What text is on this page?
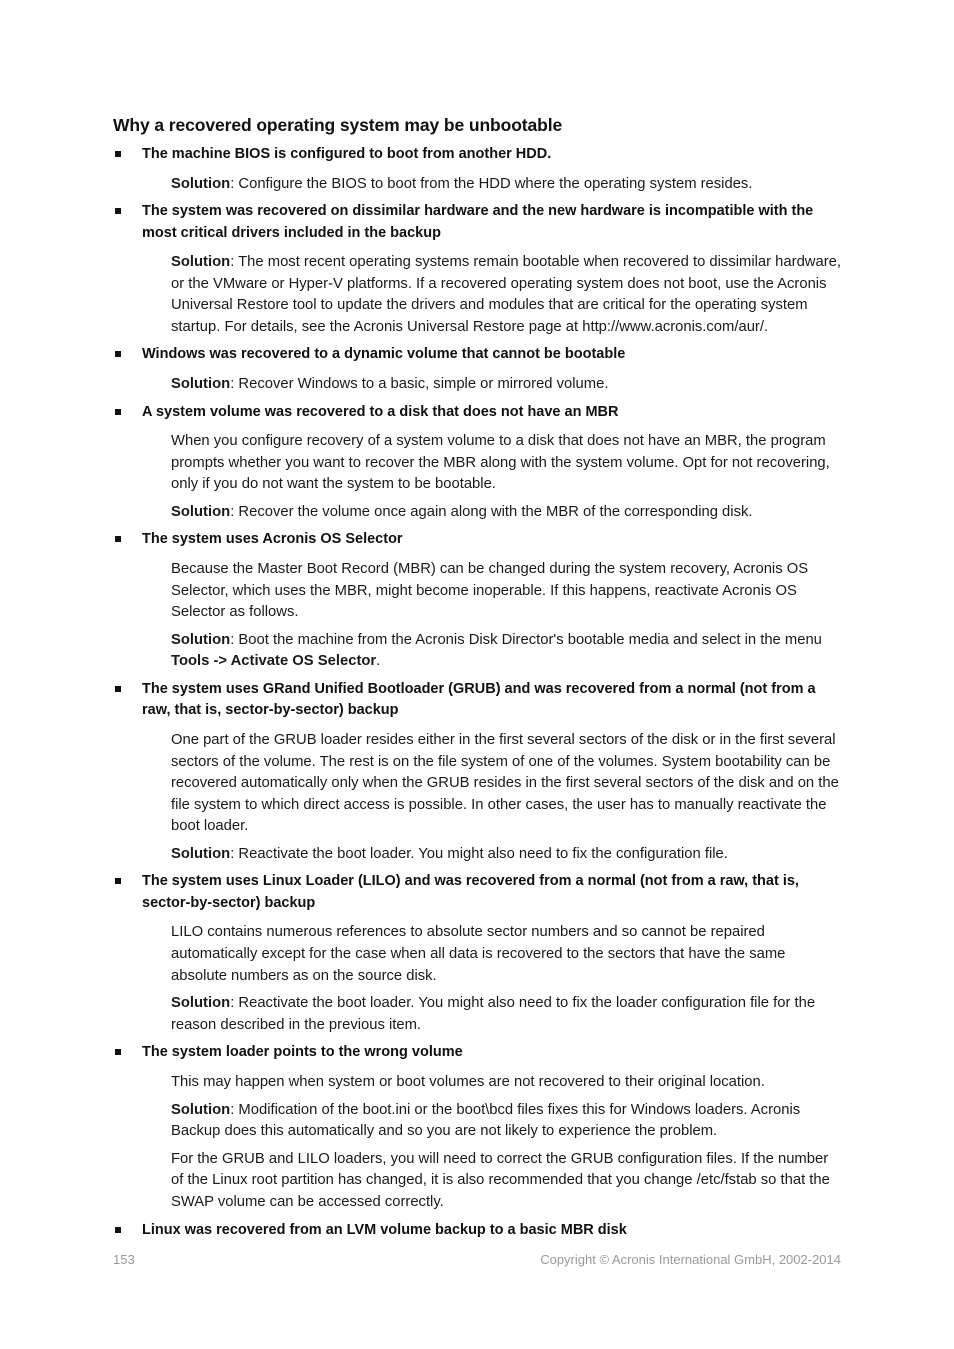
Why a recovered operating system may be unbootable

The machine BIOS is configured to boot from another HDD.

Solution: Configure the BIOS to boot from the HDD where the operating system resides.

The system was recovered on dissimilar hardware and the new hardware is incompatible with the most critical drivers included in the backup

Solution: The most recent operating systems remain bootable when recovered to dissimilar hardware, or the VMware or Hyper-V platforms. If a recovered operating system does not boot, use the Acronis Universal Restore tool to update the drivers and modules that are critical for the operating system startup. For details, see the Acronis Universal Restore page at http://www.acronis.com/aur/.

Windows was recovered to a dynamic volume that cannot be bootable

Solution: Recover Windows to a basic, simple or mirrored volume.

A system volume was recovered to a disk that does not have an MBR

When you configure recovery of a system volume to a disk that does not have an MBR, the program prompts whether you want to recover the MBR along with the system volume. Opt for not recovering, only if you do not want the system to be bootable.

Solution: Recover the volume once again along with the MBR of the corresponding disk.

The system uses Acronis OS Selector

Because the Master Boot Record (MBR) can be changed during the system recovery, Acronis OS Selector, which uses the MBR, might become inoperable. If this happens, reactivate Acronis OS Selector as follows.

Solution: Boot the machine from the Acronis Disk Director's bootable media and select in the menu Tools -> Activate OS Selector.

The system uses GRand Unified Bootloader (GRUB) and was recovered from a normal (not from a raw, that is, sector-by-sector) backup

One part of the GRUB loader resides either in the first several sectors of the disk or in the first several sectors of the volume. The rest is on the file system of one of the volumes. System bootability can be recovered automatically only when the GRUB resides in the first several sectors of the disk and on the file system to which direct access is possible. In other cases, the user has to manually reactivate the boot loader.

Solution: Reactivate the boot loader. You might also need to fix the configuration file.

The system uses Linux Loader (LILO) and was recovered from a normal (not from a raw, that is, sector-by-sector) backup

LILO contains numerous references to absolute sector numbers and so cannot be repaired automatically except for the case when all data is recovered to the sectors that have the same absolute numbers as on the source disk.

Solution: Reactivate the boot loader. You might also need to fix the loader configuration file for the reason described in the previous item.

The system loader points to the wrong volume

This may happen when system or boot volumes are not recovered to their original location.

Solution: Modification of the boot.ini or the boot\bcd files fixes this for Windows loaders. Acronis Backup does this automatically and so you are not likely to experience the problem.

For the GRUB and LILO loaders, you will need to correct the GRUB configuration files. If the number of the Linux root partition has changed, it is also recommended that you change /etc/fstab so that the SWAP volume can be accessed correctly.

Linux was recovered from an LVM volume backup to a basic MBR disk

153	Copyright © Acronis International GmbH, 2002-2014
